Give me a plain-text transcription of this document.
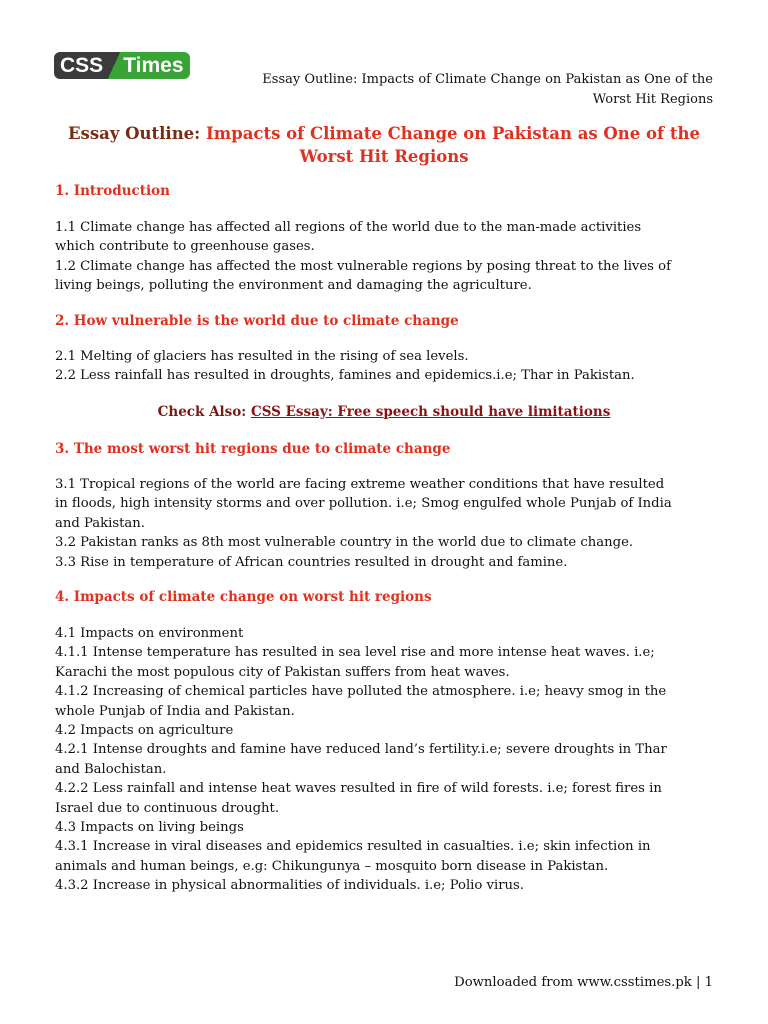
CSS Times
Essay Outline: Impacts of Climate Change on Pakistan as One of the
Worst Hit Regions
Essay Outline: Impacts of Climate Change on Pakistan as One of the
Worst Hit Regions
1. Introduction

1.1 Climate change has affected all regions of the world due to the man-made activities
which contribute to greenhouse gases.
1.2 Climate change has affected the most vulnerable regions by posing threat to the lives of
living beings, polluting the environment and damaging the agriculture.

2. How vulnerable is the world due to climate change

2.1 Melting of glaciers has resulted in the rising of sea levels.
2.2 Less rainfall has resulted in droughts, famines and epidemics.i.e; Thar in Pakistan.

Check Also: CSS Essay: Free speech should have limitations
3. The most worst hit regions due to climate change

3.1 Tropical regions of the world are facing extreme weather conditions that have resulted
in floods, high intensity storms and over pollution. i.e; Smog engulfed whole Punjab of India
and Pakistan.
3.2 Pakistan ranks as 8th most vulnerable country in the world due to climate change.
3.3 Rise in temperature of African countries resulted in drought and famine.

4. Impacts of climate change on worst hit regions

4.1 Impacts on environment
4.1.1 Intense temperature has resulted in sea level rise and more intense heat waves. i.e;
Karachi the most populous city of Pakistan suffers from heat waves.
4.1.2 Increasing of chemical particles have polluted the atmosphere. i.e; heavy smog in the
whole Punjab of India and Pakistan.
4.2 Impacts on agriculture
4.2.1 Intense droughts and famine have reduced land’s fertility.i.e; severe droughts in Thar
and Balochistan.
4.2.2 Less rainfall and intense heat waves resulted in fire of wild forests. i.e; forest fires in
Israel due to continuous drought.
4.3 Impacts on living beings
4.3.1 Increase in viral diseases and epidemics resulted in casualties. i.e; skin infection in
animals and human beings, e.g: Chikungunya – mosquito born disease in Pakistan.
4.3.2 Increase in physical abnormalities of individuals. i.e; Polio virus.

Downloaded from www.csstimes.pk | 1
